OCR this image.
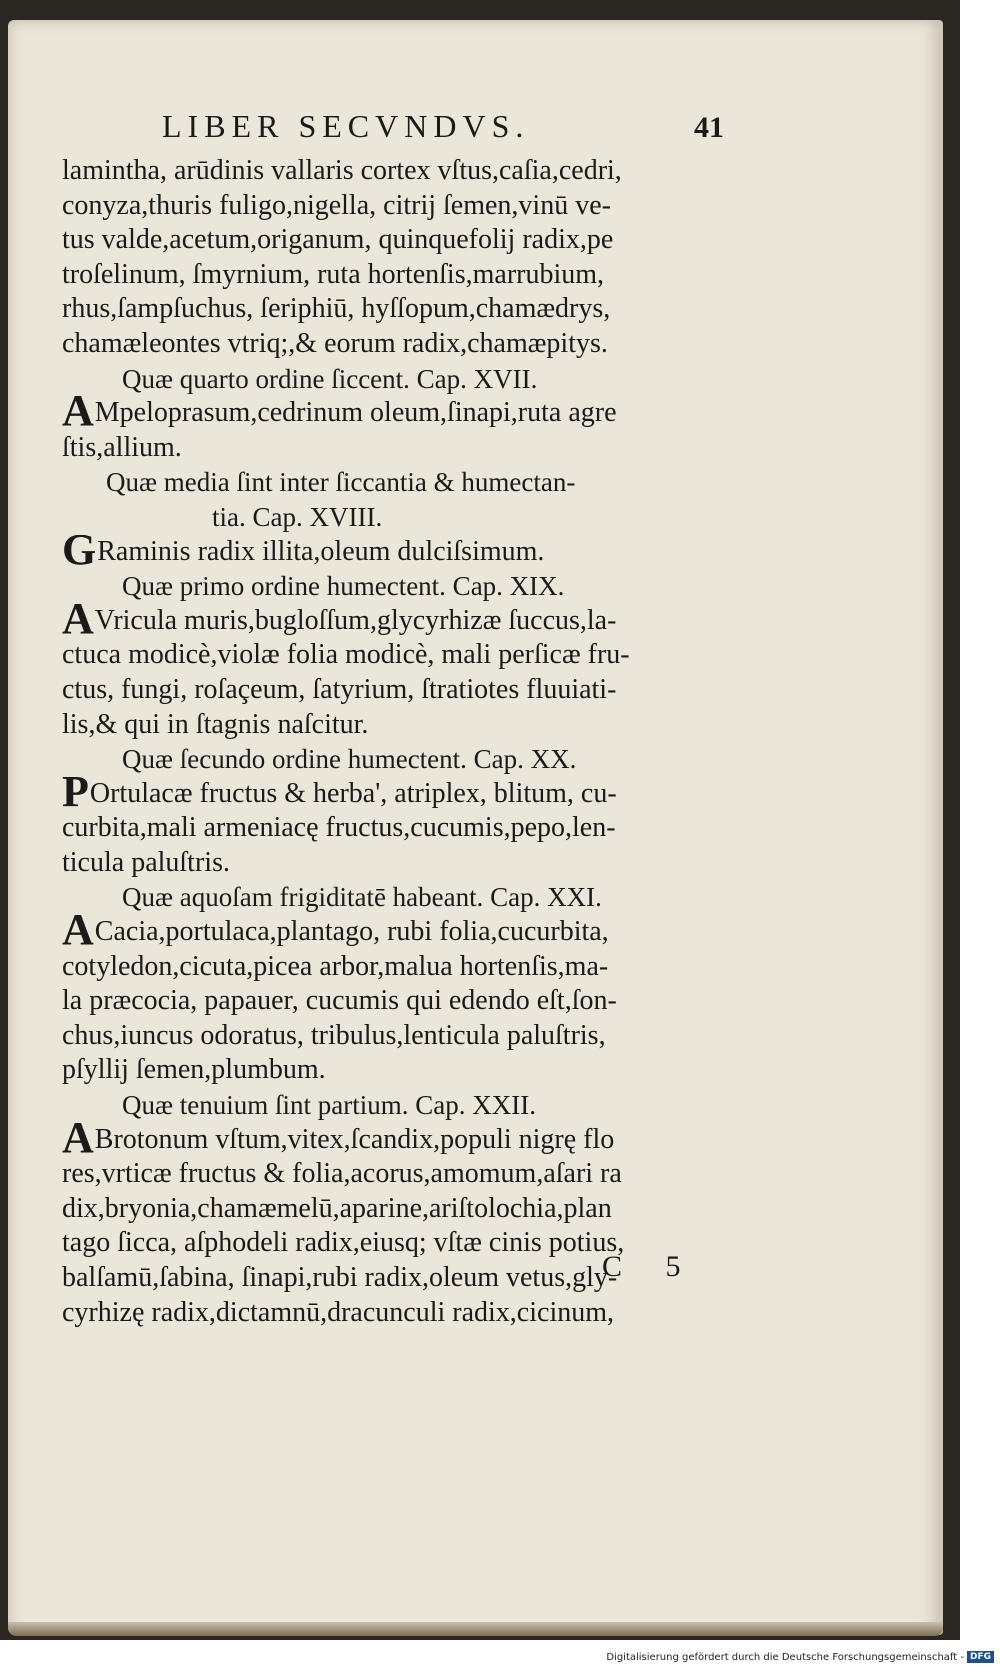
LIBER SECVNDVS.	41
lamintha, arūdinis vallaris cortex vſtus,caſia,cedri,
conyza,thuris fuligo,nigella, citrij ſemen,vinū ve-
tus valde,acetum,origanum, quinquefolij radix,pe
troſelinum, ſmyrnium, ruta hortenſis,marrubium,
rhus,ſampſuchus, ſeriphiū, hyſſopum,chamædrys,
chamæleontes vtriq;,& eorum radix,chamæpitys.
Quæ quarto ordine ſiccent. Cap. XVII.
AMpeloprasum,cedrinum oleum,ſinapi,ruta agre
ſtis,allium.
Quæ media ſint inter ſiccantia & humectan-
tia. Cap. XVIII.
GRaminis radix illita,oleum dulciſsimum.
Quæ primo ordine humectent. Cap. XIX.
AVricula muris,bugloſſum,glycyrhizæ ſuccus,la-
ctuca modicè,violæ folia modicè, mali perſicæ fru-
ctus, fungi, roſaçeum, ſatyrium, ſtratiotes fluuiati-
lis,& qui in ſtagnis naſcitur.
Quæ ſecundo ordine humectent. Cap. XX.
POrtulacæ fructus & herba', atriplex, blitum, cu-
curbita,mali armeniacę fructus,cucumis,pepo,len-
ticula paluſtris.
Quæ aquoſam frigiditatē habeant. Cap. XXI.
ACacia,portulaca,plantago, rubi folia,cucurbita,
cotyledon,cicuta,picea arbor,malua hortenſis,ma-
la præcocia, papauer, cucumis qui edendo eſt,ſon-
chus,iuncus odoratus, tribulus,lenticula paluſtris,
pſyllij ſemen,plumbum.
Quæ tenuium ſint partium. Cap. XXII.
ABrotonum vſtum,vitex,ſcandix,populi nigrę flo
res,vrticæ fructus & folia,acorus,amomum,aſari ra
dix,bryonia,chamæmelū,aparine,ariſtolochia,plan
tago ſicca, aſphodeli radix,eiusq; vſtæ cinis potius,
balſamū,ſabina, ſinapi,rubi radix,oleum vetus,gly-
cyrhizę radix,dictamnū,dracunculi radix,cicinum,
C 5
Digitalisierung gefördert durch die Deutsche Forschungsgemeinschaft - DFG
